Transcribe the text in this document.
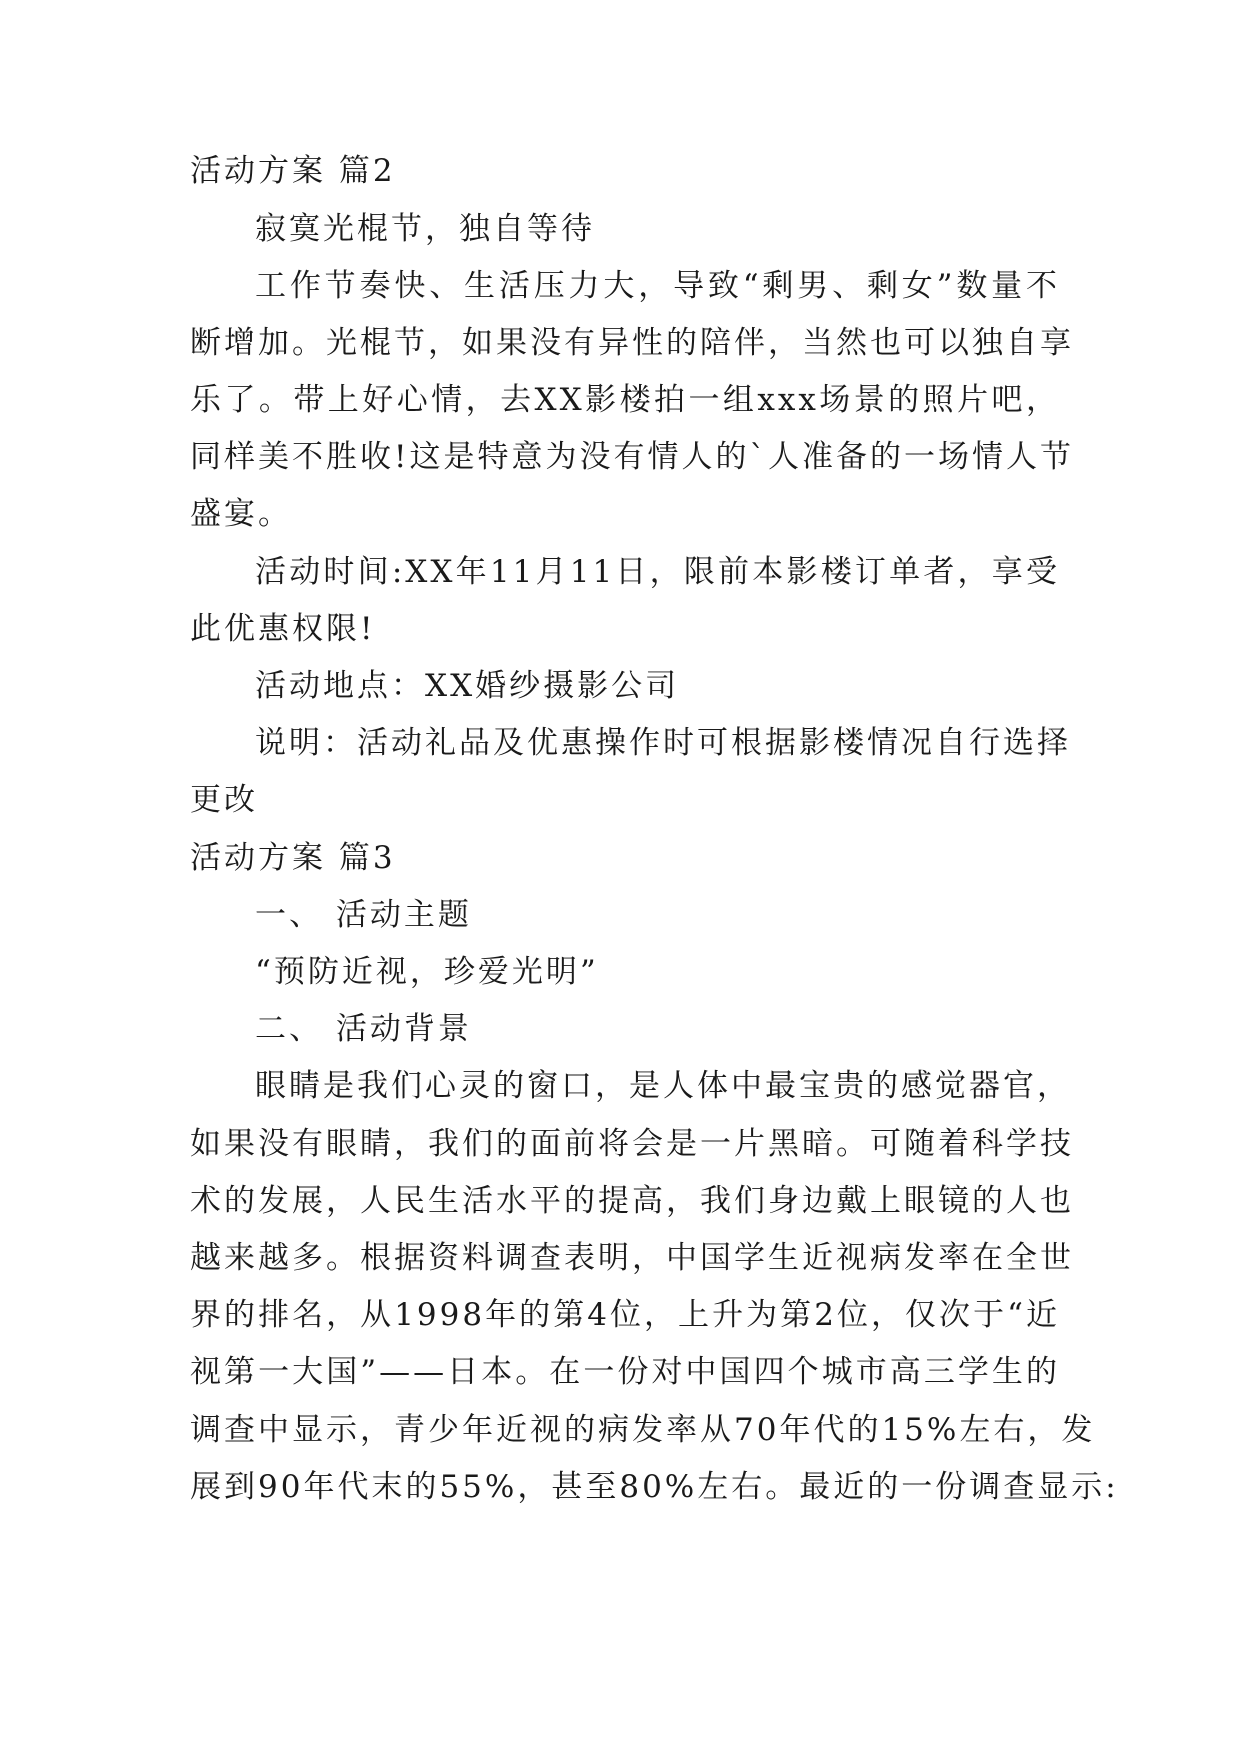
活动方案 篇2
寂寞光棍节，独自等待
工作节奏快、生活压力大，导致“剩男、剩女”数量不
断增加。光棍节，如果没有异性的陪伴，当然也可以独自享
乐了。带上好心情，去XX影楼拍一组xxx场景的照片吧，
同样美不胜收!这是特意为没有情人的`人准备的一场情人节
盛宴。
活动时间:XX年11月11日，限前本影楼订单者，享受
此优惠权限!
活动地点：XX婚纱摄影公司
说明：活动礼品及优惠操作时可根据影楼情况自行选择
更改
活动方案 篇3
一、 活动主题
“预防近视，珍爱光明”
二、 活动背景
眼睛是我们心灵的窗口，是人体中最宝贵的感觉器官，
如果没有眼睛，我们的面前将会是一片黑暗。可随着科学技
术的发展，人民生活水平的提高，我们身边戴上眼镜的人也
越来越多。根据资料调查表明，中国学生近视病发率在全世
界的排名，从1998年的第4位，上升为第2位，仅次于“近
视第一大国”——日本。在一份对中国四个城市高三学生的
调查中显示，青少年近视的病发率从70年代的15%左右，发
展到90年代末的55%，甚至80%左右。最近的一份调查显示:
